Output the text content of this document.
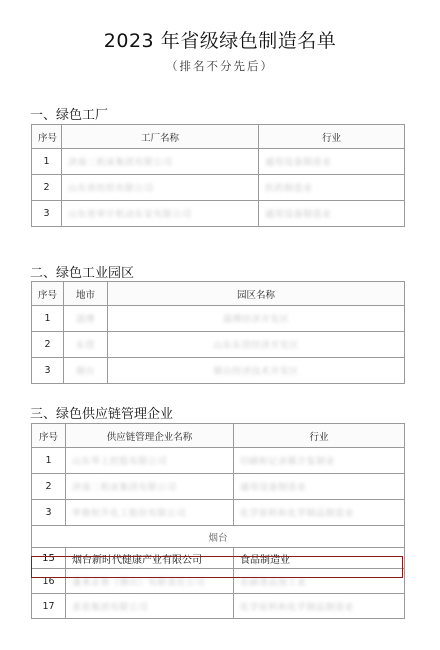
2023 年省级绿色制造名单
（排名不分先后）
一、绿色工厂
序号	工厂名称	行业
1	济南二机床集团有限公司	通用设备制造业
2	山东省纺织有限公司	医药制造业
3	山东省审计机动东安有限公司	通用设备制造业
二、绿色工业园区
序号	地市	园区名称
1	淄博	淄博经济开发区
2	东营	山东东营经济开发区
3	烟台	烟台经济技术开发区
三、绿色供应链管理企业
序号	供应链管理企业名称	行业
1	山东华上控股有限公司	印刷和记录媒介复制业
2	济南二机床集团有限公司	通用设备制造业
3	华鲁恒升化工股份有限公司	化学原料和化学制品制造业
烟台		
15	烟台新时代健康产业有限公司	食品制造业
16	蓬莱京鲁（烟台）有限责任公司	农副食品加工业
17	喜思集团有限公司	化学原料和化学制品制造业
